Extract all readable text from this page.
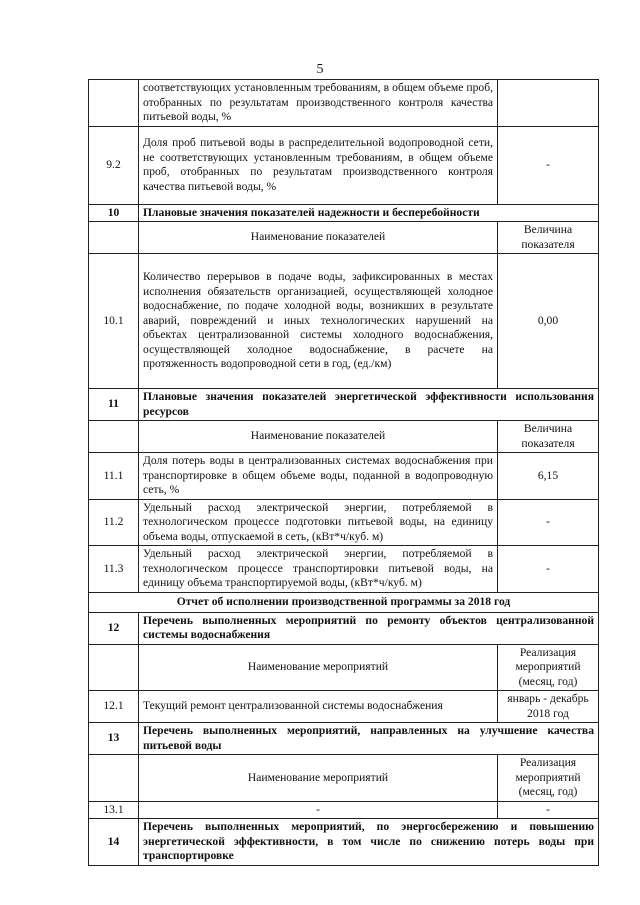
5
	соответствующих установленным требованиям, в общем объеме проб, отобранных по результатам производственного контроля качества питьевой воды, %	
9.2	Доля проб питьевой воды в распределительной водопроводной сети, не соответствующих установленным требованиям, в общем объеме проб, отобранных по результатам производственного контроля качества питьевой воды, %	-
10	Плановые значения показателей надежности и бесперебойности	
	Наименование показателей	Величина показателя
10.1	Количество перерывов в подаче воды, зафиксированных в местах исполнения обязательств организацией, осуществляющей холодное водоснабжение, по подаче холодной воды, возникших в результате аварий, повреждений и иных технологических нарушений на объектах централизованной системы холодного водоснабжения, осуществляющей холодное водоснабжение, в расчете на протяженность водопроводной сети в год, (ед./км)	0,00
11	Плановые значения показателей энергетической эффективности использования ресурсов	
	Наименование показателей	Величина показателя
11.1	Доля потерь воды в централизованных системах водоснабжения при транспортировке в общем объеме воды, поданной в водопроводную сеть, %	6,15
11.2	Удельный расход электрической энергии, потребляемой в технологическом процессе подготовки питьевой воды, на единицу объема воды, отпускаемой в сеть, (кВт*ч/куб. м)	-
11.3	Удельный расход электрической энергии, потребляемой в технологическом процессе транспортировки питьевой воды, на единицу объема транспортируемой воды, (кВт*ч/куб. м)	-
Отчет об исполнении производственной программы за 2018 год		
12	Перечень выполненных мероприятий по ремонту объектов централизованной системы водоснабжения	
	Наименование мероприятий	Реализация мероприятий (месяц, год)
12.1	Текущий ремонт централизованной системы водоснабжения	январь - декабрь 2018 год
13	Перечень выполненных мероприятий, направленных на улучшение качества питьевой воды	
	Наименование мероприятий	Реализация мероприятий (месяц, год)
13.1	-	-
14	Перечень выполненных мероприятий, по энергосбережению и повышению энергетической эффективности, в том числе по снижению потерь воды при транспортировке	
